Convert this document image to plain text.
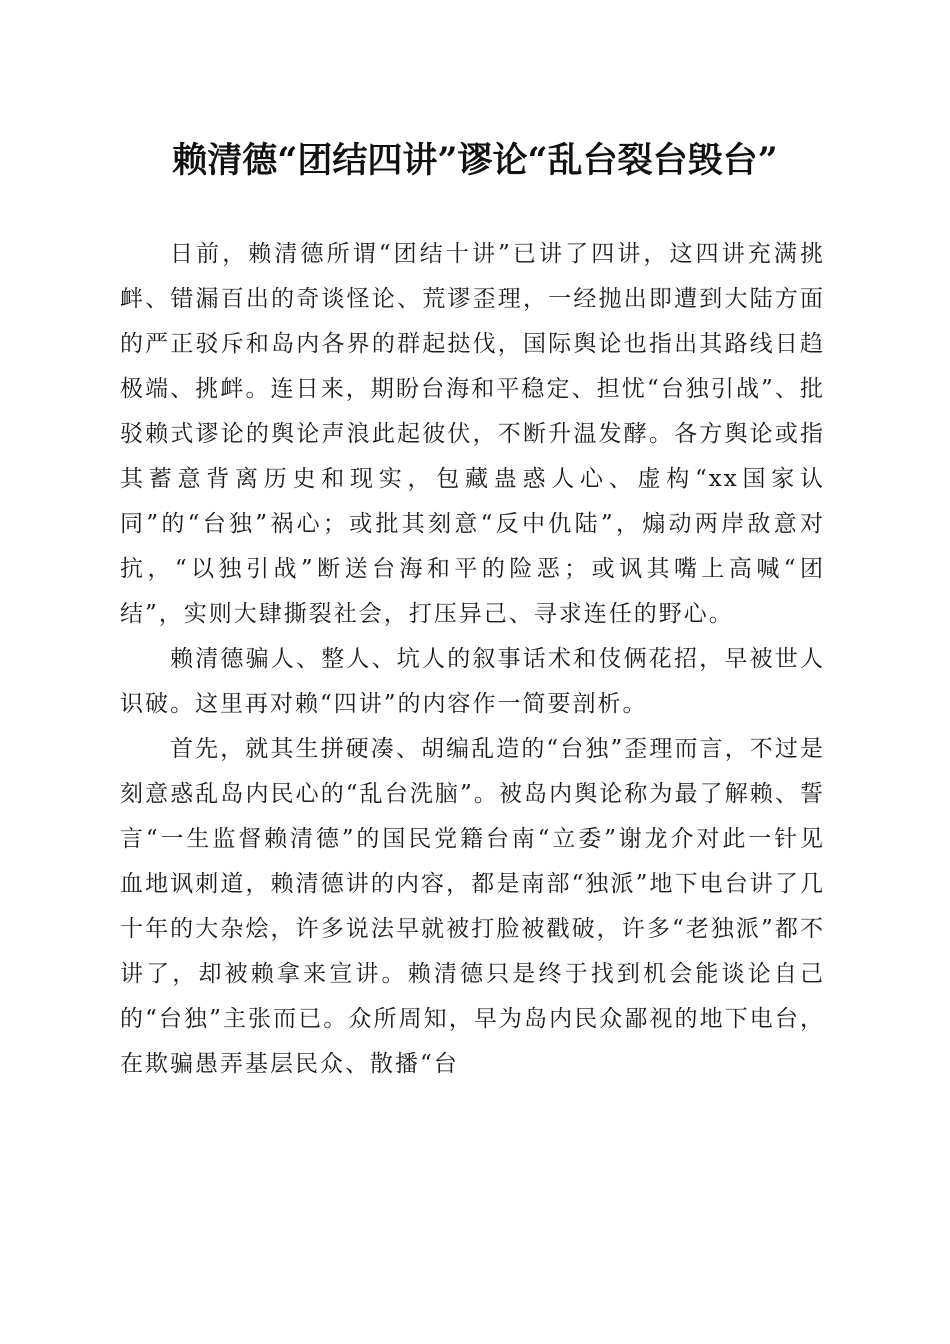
赖清德“团结四讲”谬论“乱台裂台毁台”

日前，赖清德所谓“团结十讲”已讲了四讲，这四讲充满挑衅、错漏百出的奇谈怪论、荒谬歪理，一经抛出即遭到大陆方面的严正驳斥和岛内各界的群起挞伐，国际舆论也指出其路线日趋极端、挑衅。连日来，期盼台海和平稳定、担忧“台独引战”、批驳赖式谬论的舆论声浪此起彼伏，不断升温发酵。各方舆论或指其蓄意背离历史和现实，包藏蛊惑人心、虚构“xx国家认同”的“台独”祸心；或批其刻意“反中仇陆”，煽动两岸敌意对抗，“以独引战”断送台海和平的险恶；或讽其嘴上高喊“团结”，实则大肆撕裂社会，打压异己、寻求连任的野心。

赖清德骗人、整人、坑人的叙事话术和伎俩花招，早被世人识破。这里再对赖“四讲”的内容作一简要剖析。

首先，就其生拼硬凑、胡编乱造的“台独”歪理而言，不过是刻意惑乱岛内民心的“乱台洗脑”。被岛内舆论称为最了解赖、誓言“一生监督赖清德”的国民党籍台南“立委”谢龙介对此一针见血地讽刺道，赖清德讲的内容，都是南部“独派”地下电台讲了几十年的大杂烩，许多说法早就被打脸被戳破，许多“老独派”都不讲了，却被赖拿来宣讲。赖清德只是终于找到机会能谈论自己的“台独”主张而已。众所周知，早为岛内民众鄙视的地下电台，在欺骗愚弄基层民众、散播“台
